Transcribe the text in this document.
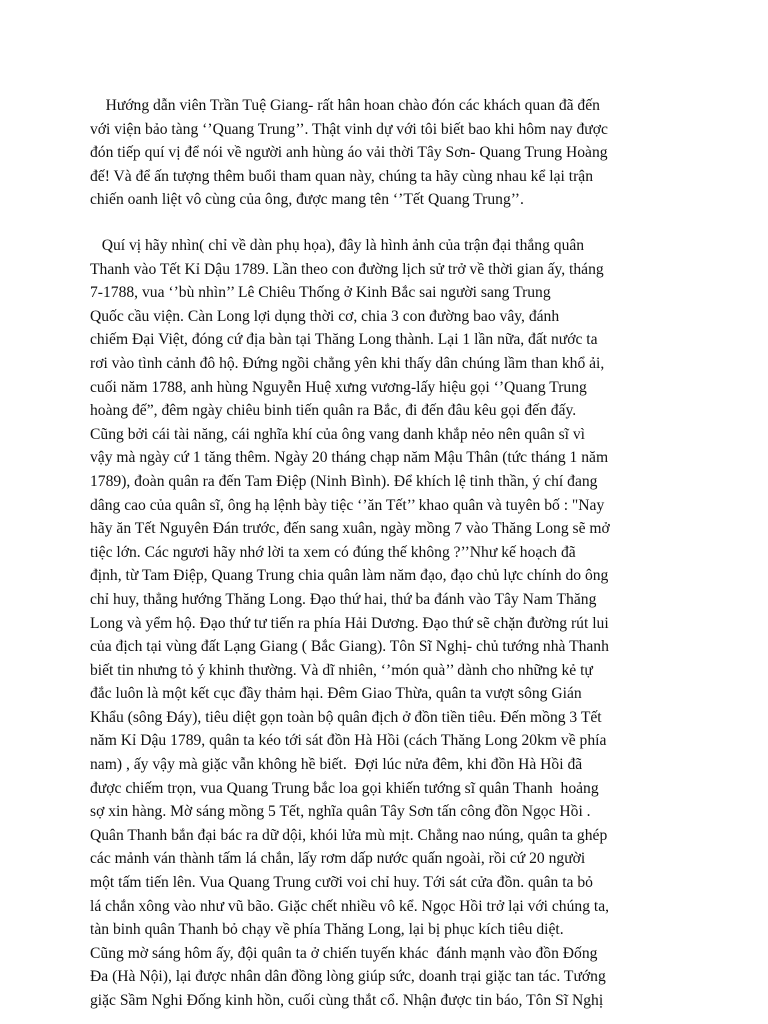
Hướng dẫn viên Trần Tuệ Giang- rất hân hoan chào đón các khách quan đã đến
với viện bảo tàng ‘’Quang Trung’’. Thật vinh dự với tôi biết bao khi hôm nay được
đón tiếp quí vị để nói về người anh hùng áo vải thời Tây Sơn- Quang Trung Hoàng
đế! Và để ấn tượng thêm buổi tham quan này, chúng ta hãy cùng nhau kể lại trận
chiến oanh liệt vô cùng của ông, được mang tên ‘’Tết Quang Trung’’.
Quí vị hãy nhìn( chỉ về dàn phụ họa), đây là hình ảnh của trận đại thắng quân
Thanh vào Tết Kỉ Dậu 1789. Lần theo con đường lịch sử trở về thời gian ấy, tháng
7-1788, vua ‘’bù nhìn’’ Lê Chiêu Thống ở Kinh Bắc sai người sang Trung
Quốc cầu viện. Càn Long lợi dụng thời cơ, chia 3 con đường bao vây, đánh
chiếm Đại Việt, đóng cứ địa bàn tại Thăng Long thành. Lại 1 lần nữa, đất nước ta
rơi vào tình cảnh đô hộ. Đứng ngồi chẳng yên khi thấy dân chúng lầm than khổ ải,
cuối năm 1788, anh hùng Nguyễn Huệ xưng vương-lấy hiệu gọi ‘’Quang Trung
hoàng đế”, đêm ngày chiêu binh tiến quân ra Bắc, đi đến đâu kêu gọi đến đấy.
Cũng bởi cái tài năng, cái nghĩa khí của ông vang danh khắp nẻo nên quân sĩ vì
vậy mà ngày cứ 1 tăng thêm. Ngày 20 tháng chạp năm Mậu Thân (tức tháng 1 năm
1789), đoàn quân ra đến Tam Điệp (Ninh Bình). Để khích lệ tinh thần, ý chí đang
dâng cao của quân sĩ, ông hạ lệnh bày tiệc ‘’ăn Tết’’ khao quân và tuyên bố : "Nay
hãy ăn Tết Nguyên Đán trước, đến sang xuân, ngày mồng 7 vào Thăng Long sẽ mở
tiệc lớn. Các ngươi hãy nhớ lời ta xem có đúng thế không ?’’Như kế hoạch đã
định, từ Tam Điệp, Quang Trung chia quân làm năm đạo, đạo chủ lực chính do ông
chỉ huy, thẳng hướng Thăng Long. Đạo thứ hai, thứ ba đánh vào Tây Nam Thăng
Long và yểm hộ. Đạo thứ tư tiến ra phía Hải Dương. Đạo thứ sẽ chặn đường rút lui
của địch tại vùng đất Lạng Giang ( Bắc Giang). Tôn Sĩ Nghị- chủ tướng nhà Thanh
biết tin nhưng tỏ ý khinh thường. Và dĩ nhiên, ‘’món quà’’ dành cho những kẻ tự
đắc luôn là một kết cục đầy thảm hại. Đêm Giao Thừa, quân ta vượt sông Gián
Khẩu (sông Đáy), tiêu diệt gọn toàn bộ quân địch ở đồn tiền tiêu. Đến mồng 3 Tết
năm Kỉ Dậu 1789, quân ta kéo tới sát đồn Hà Hồi (cách Thăng Long 20km về phía
nam) , ấy vậy mà giặc vẫn không hề biết.  Đợi lúc nửa đêm, khi đồn Hà Hồi đã
được chiếm trọn, vua Quang Trung bắc loa gọi khiến tướng sĩ quân Thanh  hoảng
sợ xin hàng. Mờ sáng mồng 5 Tết, nghĩa quân Tây Sơn tấn công đồn Ngọc Hồi .
Quân Thanh bắn đại bác ra dữ dội, khói lửa mù mịt. Chẳng nao núng, quân ta ghép
các mảnh ván thành tấm lá chắn, lấy rơm dấp nước quấn ngoài, rồi cứ 20 người
một tấm tiến lên. Vua Quang Trung cưỡi voi chỉ huy. Tới sát cửa đồn. quân ta bỏ
lá chắn xông vào như vũ bão. Giặc chết nhiều vô kể. Ngọc Hồi trở lại với chúng ta,
tàn binh quân Thanh bỏ chạy về phía Thăng Long, lại bị phục kích tiêu diệt.
Cũng mờ sáng hôm ấy, đội quân ta ở chiến tuyến khác  đánh mạnh vào đồn Đống
Đa (Hà Nội), lại được nhân dân đồng lòng giúp sức, doanh trại giặc tan tác. Tướng
giặc Sầm Nghi Đống kinh hồn, cuối cùng thắt cổ. Nhận được tin báo, Tôn Sĩ Nghị
